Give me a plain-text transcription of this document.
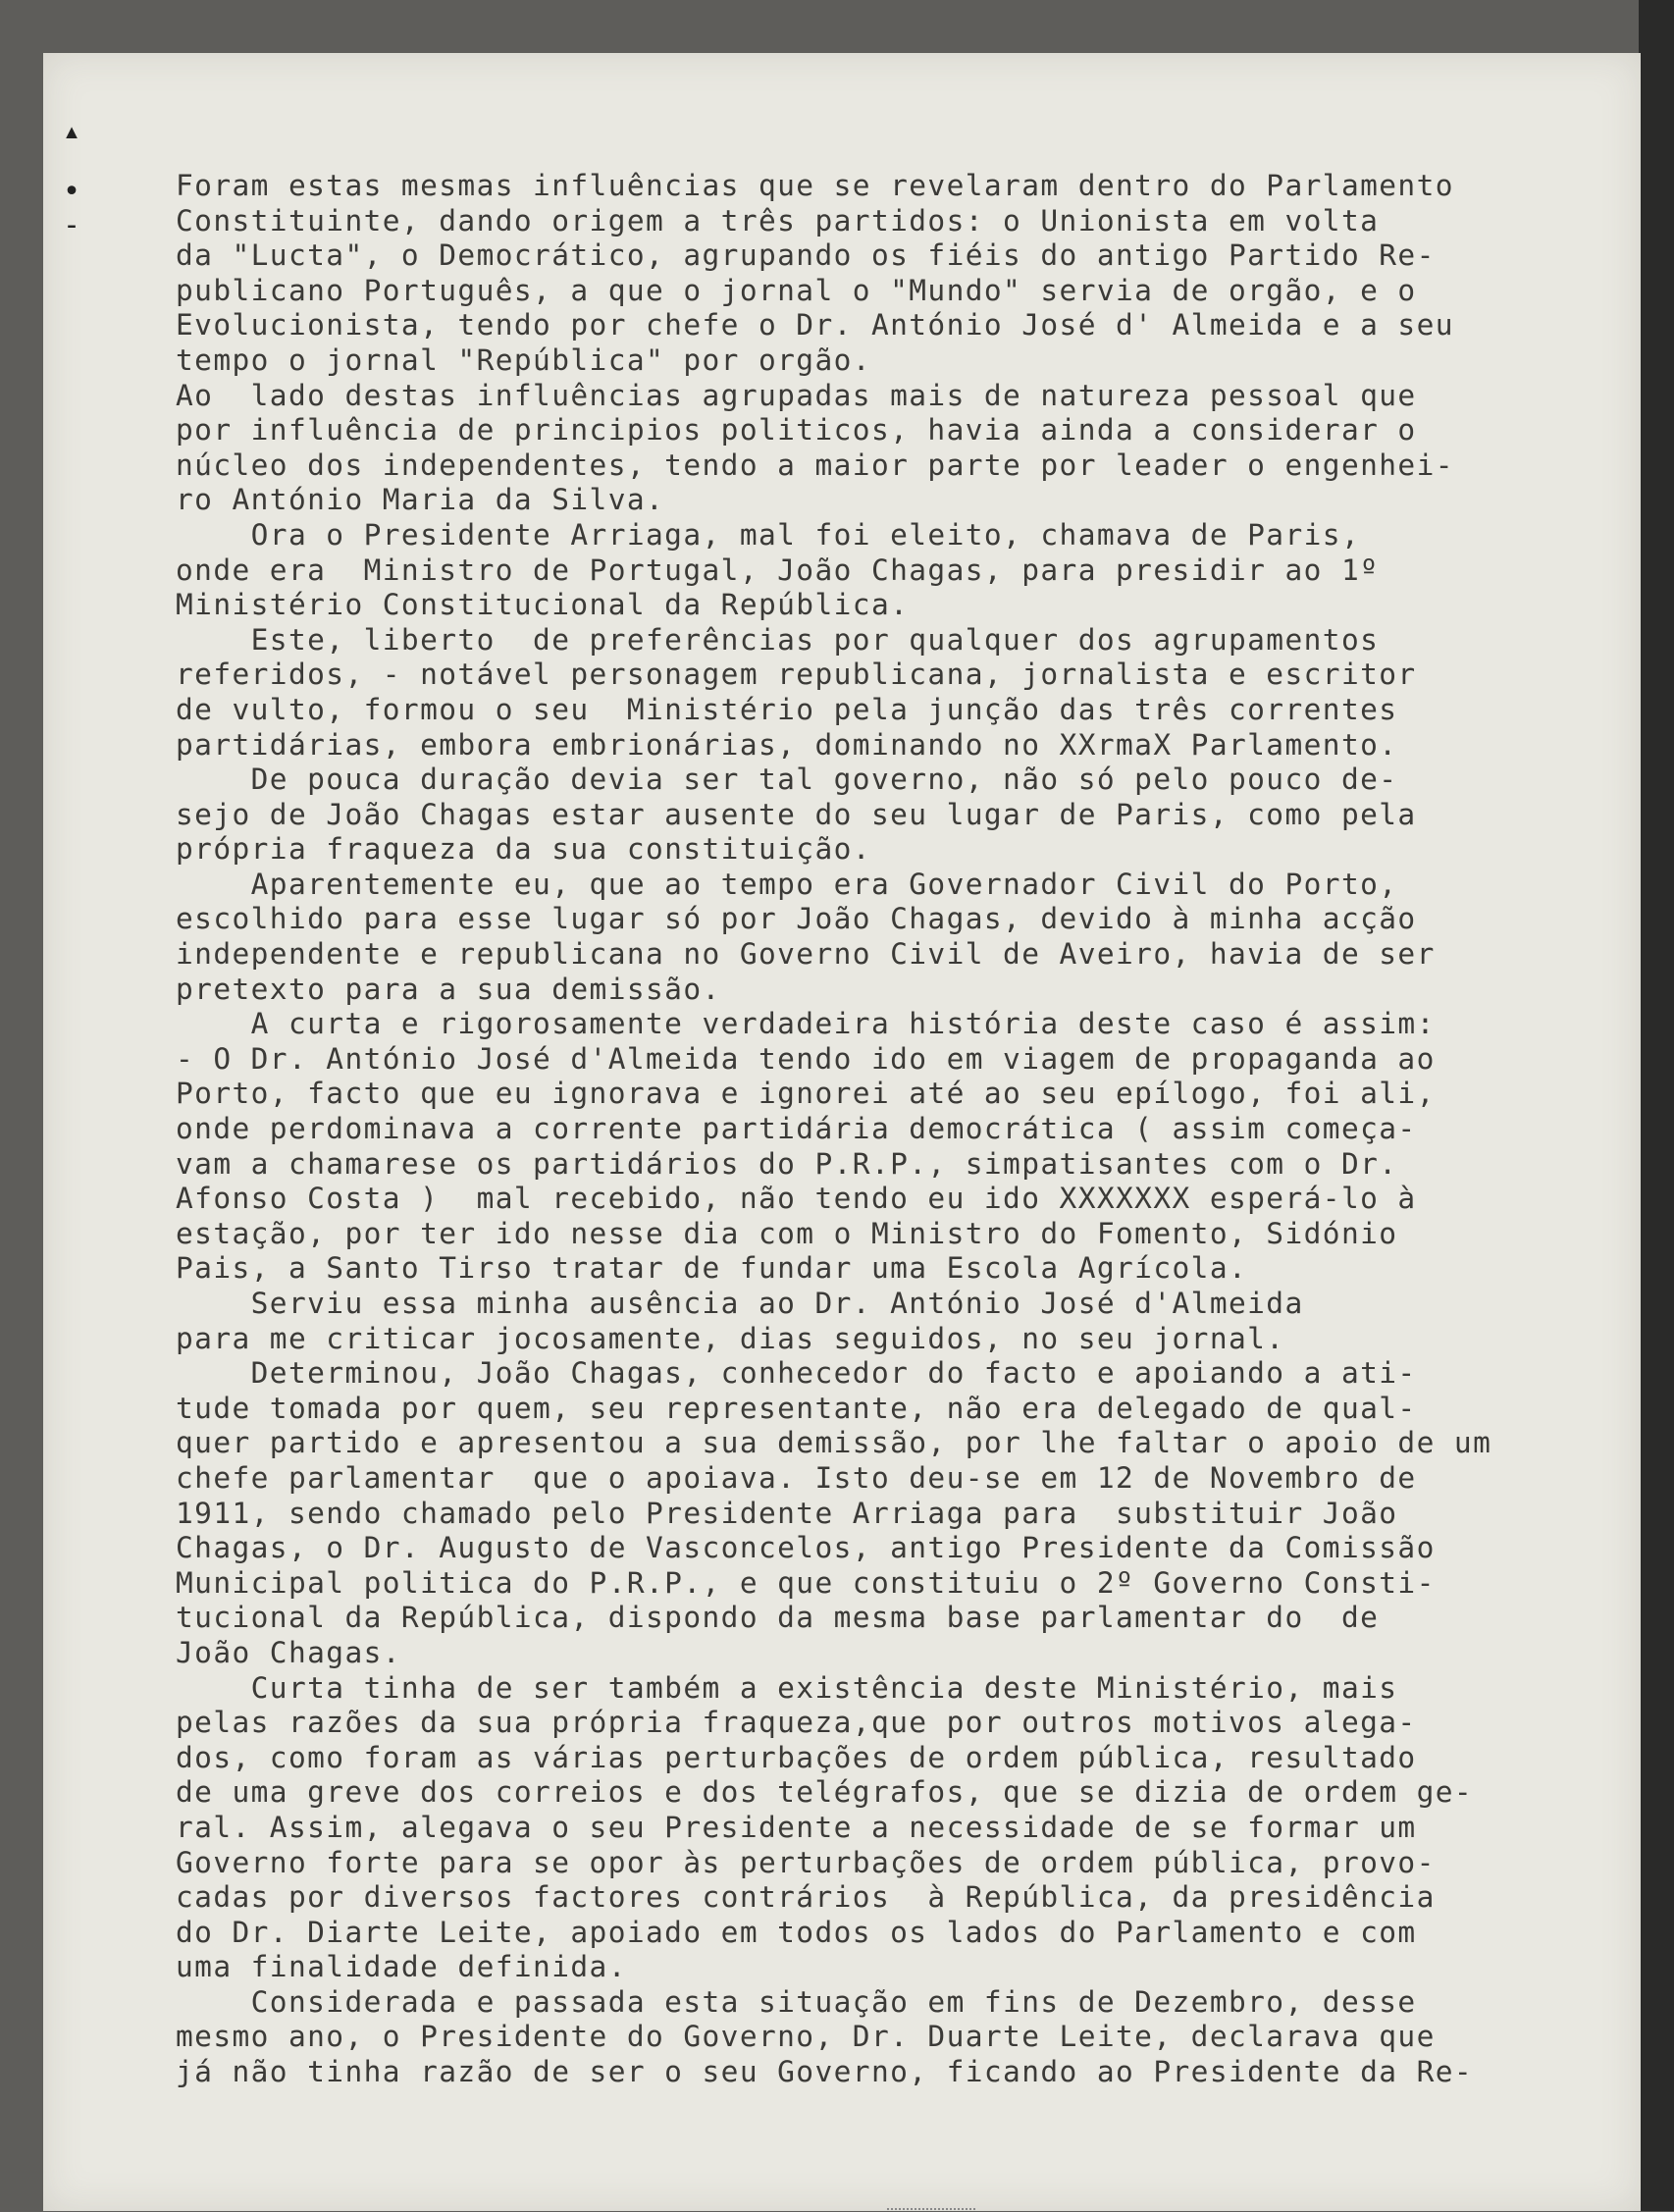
▴
•
-
Foram estas mesmas influências que se revelaram dentro do Parlamento
Constituinte, dando origem a três partidos: o Unionista em volta
da "Lucta", o Democrático, agrupando os fiéis do antigo Partido Re-
publicano Português, a que o jornal o "Mundo" servia de orgão, e o
Evolucionista, tendo por chefe o Dr. António José d' Almeida e a seu
tempo o jornal "República" por orgão.
Ao  lado destas influências agrupadas mais de natureza pessoal que
por influência de principios politicos, havia ainda a considerar o
núcleo dos independentes, tendo a maior parte por leader o engenhei-
ro António Maria da Silva.
Ora o Presidente Arriaga, mal foi eleito, chamava de Paris,
onde era  Ministro de Portugal, João Chagas, para presidir ao 1º
Ministério Constitucional da República.
Este, liberto  de preferências por qualquer dos agrupamentos
referidos, - notável personagem republicana, jornalista e escritor
de vulto, formou o seu  Ministério pela junção das três correntes
partidárias, embora embrionárias, dominando no XXrmaX Parlamento.
De pouca duração devia ser tal governo, não só pelo pouco de-
sejo de João Chagas estar ausente do seu lugar de Paris, como pela
própria fraqueza da sua constituição.
Aparentemente eu, que ao tempo era Governador Civil do Porto,
escolhido para esse lugar só por João Chagas, devido à minha acção
independente e republicana no Governo Civil de Aveiro, havia de ser
pretexto para a sua demissão.
A curta e rigorosamente verdadeira história deste caso é assim:
- O Dr. António José d'Almeida tendo ido em viagem de propaganda ao
Porto, facto que eu ignorava e ignorei até ao seu epílogo, foi ali,
onde perdominava a corrente partidária democrática ( assim começa-
vam a chamarese os partidários do P.R.P., simpatisantes com o Dr.
Afonso Costa )  mal recebido, não tendo eu ido XXXXXXX esperá-lo à
estação, por ter ido nesse dia com o Ministro do Fomento, Sidónio
Pais, a Santo Tirso tratar de fundar uma Escola Agrícola.
Serviu essa minha ausência ao Dr. António José d'Almeida
para me criticar jocosamente, dias seguidos, no seu jornal.
Determinou, João Chagas, conhecedor do facto e apoiando a ati-
tude tomada por quem, seu representante, não era delegado de qual-
quer partido e apresentou a sua demissão, por lhe faltar o apoio de um
chefe parlamentar  que o apoiava. Isto deu-se em 12 de Novembro de
1911, sendo chamado pelo Presidente Arriaga para  substituir João
Chagas, o Dr. Augusto de Vasconcelos, antigo Presidente da Comissão
Municipal politica do P.R.P., e que constituiu o 2º Governo Consti-
tucional da República, dispondo da mesma base parlamentar do  de
João Chagas.
Curta tinha de ser também a existência deste Ministério, mais
pelas razões da sua própria fraqueza,que por outros motivos alega-
dos, como foram as várias perturbações de ordem pública, resultado
de uma greve dos correios e dos telégrafos, que se dizia de ordem ge-
ral. Assim, alegava o seu Presidente a necessidade de se formar um
Governo forte para se opor às perturbações de ordem pública, provo-
cadas por diversos factores contrários  à República, da presidência
do Dr. Diarte Leite, apoiado em todos os lados do Parlamento e com
uma finalidade definida.
Considerada e passada esta situação em fins de Dezembro, desse
mesmo ano, o Presidente do Governo, Dr. Duarte Leite, declarava que
já não tinha razão de ser o seu Governo, ficando ao Presidente da Re-
